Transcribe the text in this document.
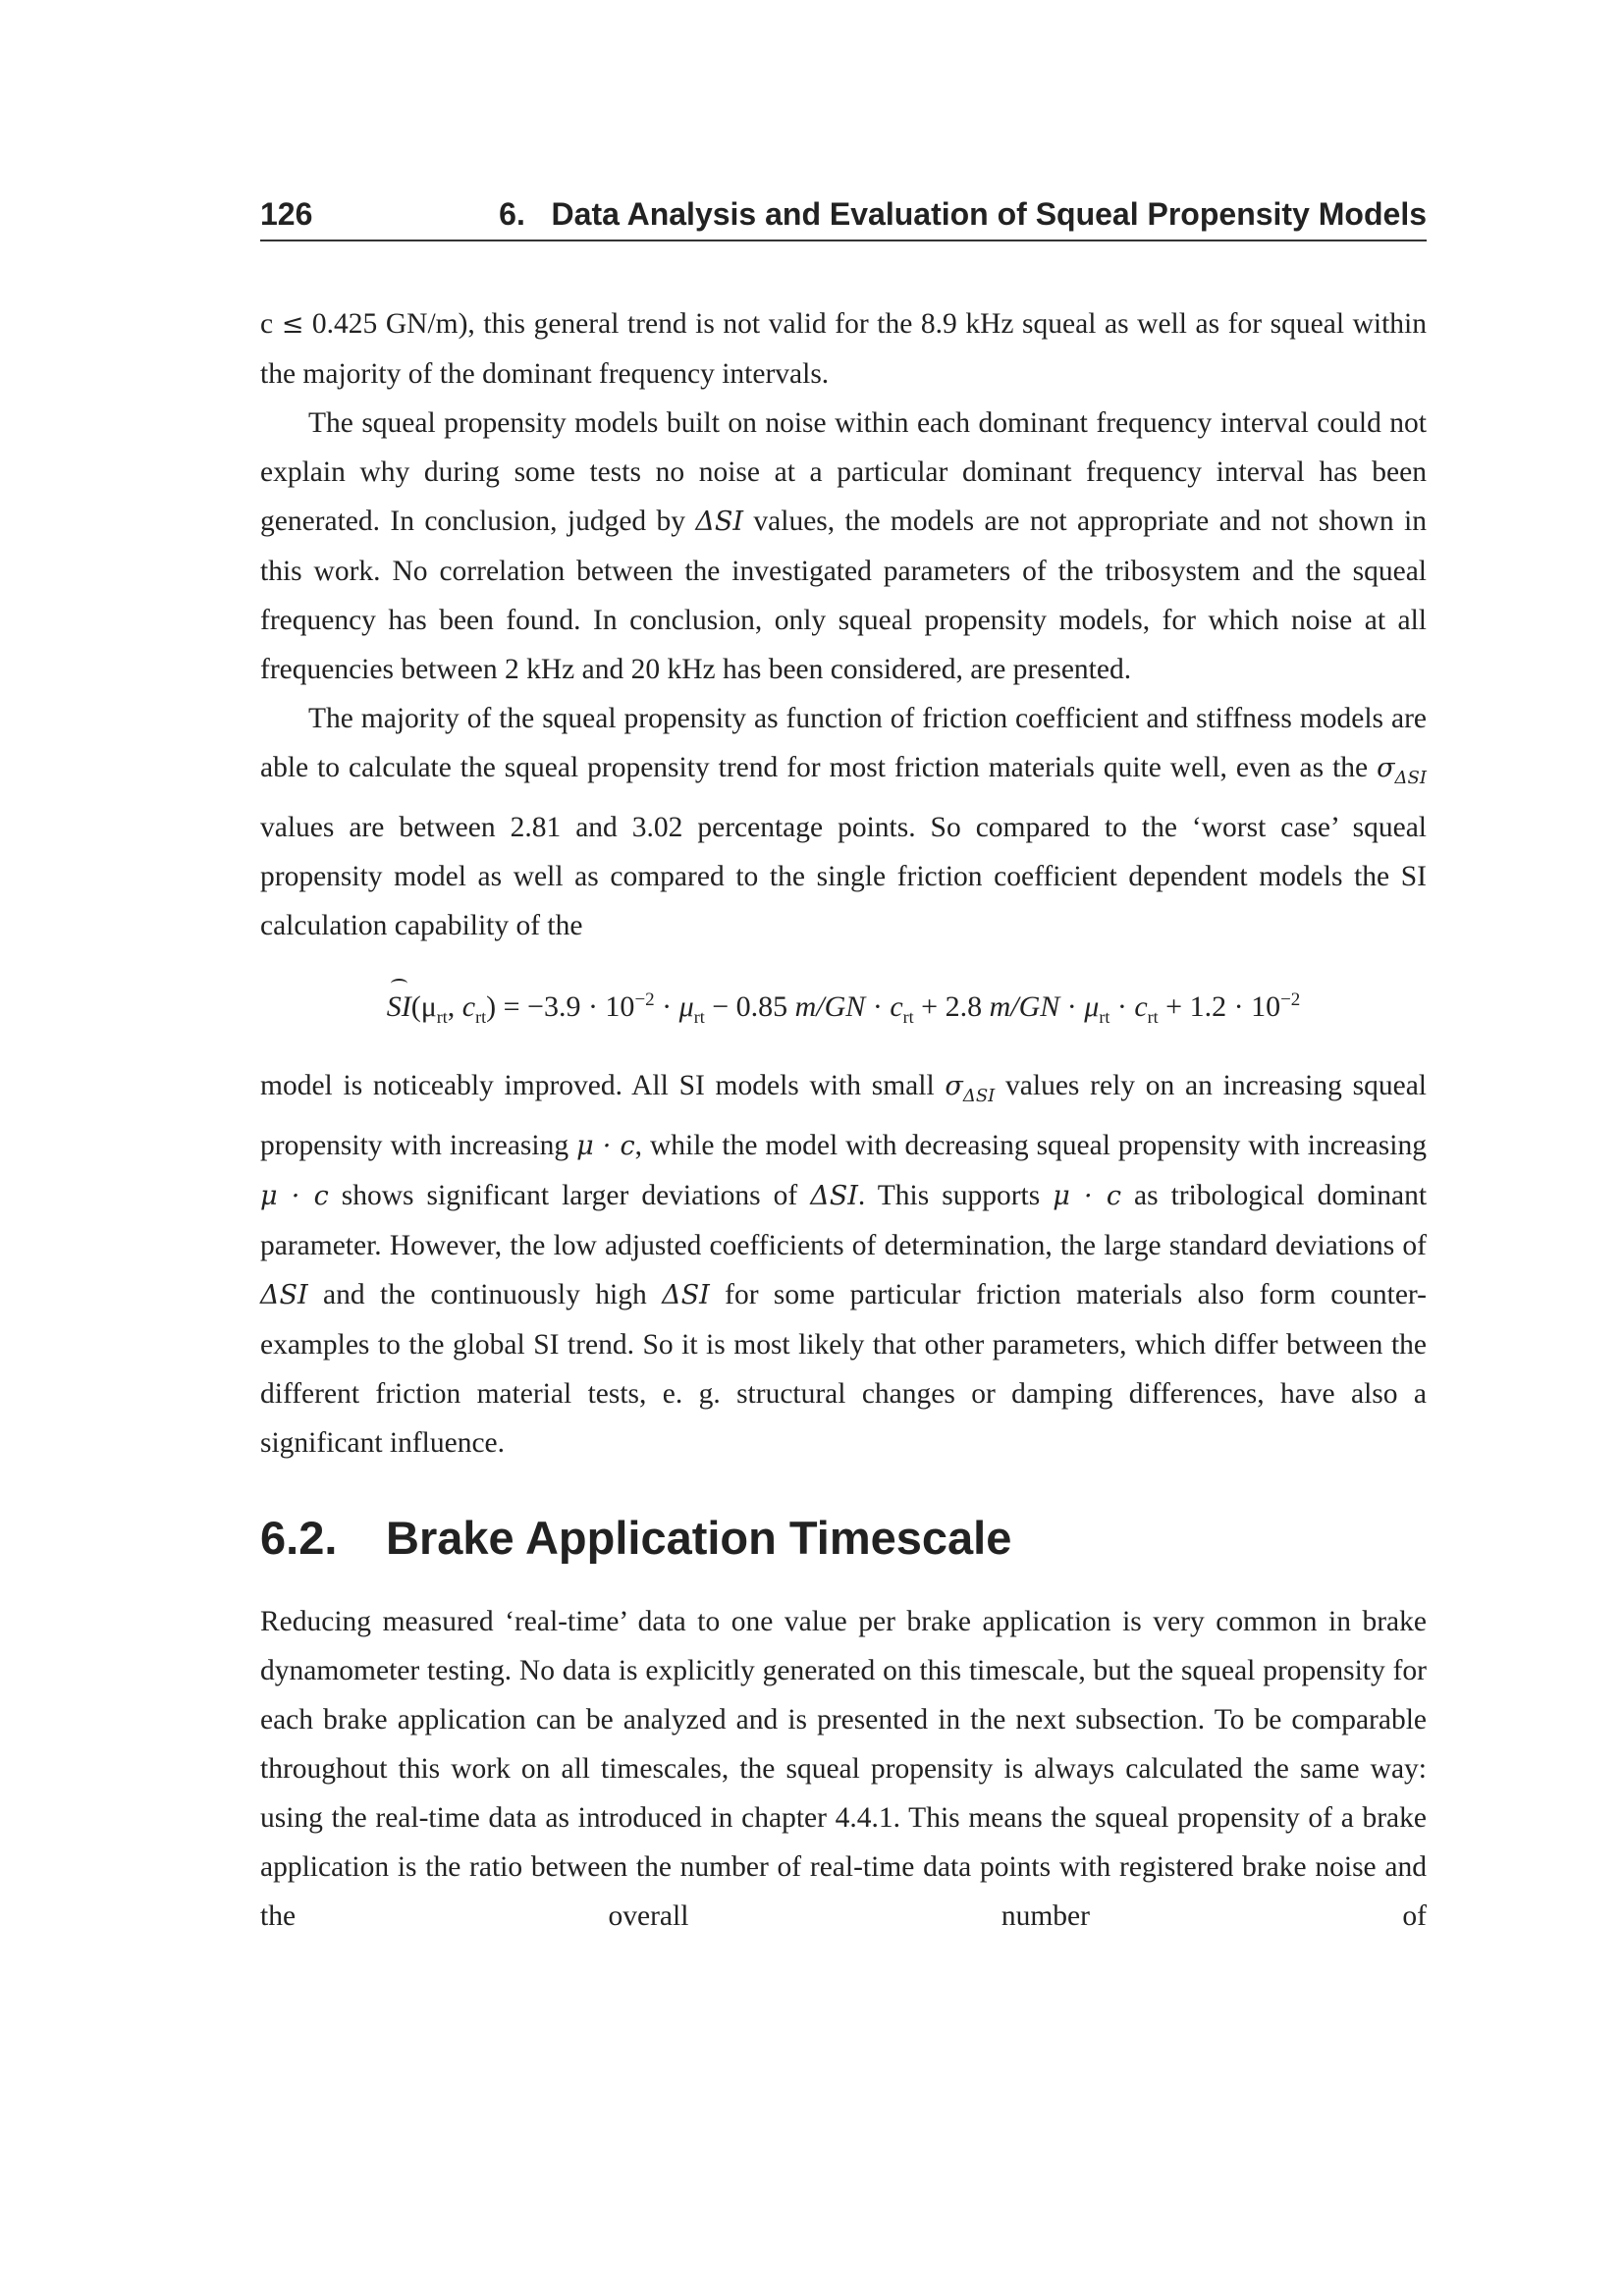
126	6.   Data Analysis and Evaluation of Squeal Propensity Models

c ≤ 0.425 GN/m), this general trend is not valid for the 8.9 kHz squeal as well as for squeal within the majority of the dominant frequency intervals.

The squeal propensity models built on noise within each dominant frequency interval could not explain why during some tests no noise at a particular dominant frequency interval has been generated. In conclusion, judged by ΔSI values, the models are not appropriate and not shown in this work. No correlation between the investigated parameters of the tribosystem and the squeal frequency has been found. In conclusion, only squeal propensity models, for which noise at all frequencies between 2 kHz and 20 kHz has been considered, are presented.

The majority of the squeal propensity as function of friction coefficient and stiffness models are able to calculate the squeal propensity trend for most friction materials quite well, even as the $\sigma_{\Delta SI}$ values are between 2.81 and 3.02 percentage points. So compared to the ‘worst case’ squeal propensity model as well as compared to the single friction coefficient dependent models the SI calculation capability of the

$SI(\mu_{rt}$, $c_{rt}) = -3.9 \cdot 10^{-2} \cdot \mu_{rt} - 0.85$ $m/GN \cdot c_{rt} + 2.8$ $m/GN \cdot \mu_{rt} \cdot c_{rt} + 1.2 \cdot 10^{-2}$

model is noticeably improved. All SI models with small $\sigma_{\Delta SI}$ values rely on an increasing squeal propensity with increasing μ · c, while the model with decreasing squeal propensity with increasing μ · c shows significant larger deviations of ΔSI. This supports μ · c as tribological dominant parameter. However, the low adjusted coefficients of determination, the large standard deviations of ΔSI and the continuously high ΔSI for some particular friction materials also form counter-examples to the global SI trend. So it is most likely that other parameters, which differ between the different friction material tests, e. g. structural changes or damping differences, have also a significant influence.

6.2. Brake Application Timescale

Reducing measured ‘real-time’ data to one value per brake application is very common in brake dynamometer testing. No data is explicitly generated on this timescale, but the squeal propensity for each brake application can be analyzed and is presented in the next subsection. To be comparable throughout this work on all timescales, the squeal propensity is always calculated the same way: using the real-time data as introduced in chapter 4.4.1. This means the squeal propensity of a brake application is the ratio between the number of real-time data points with registered brake noise and the overall number of
